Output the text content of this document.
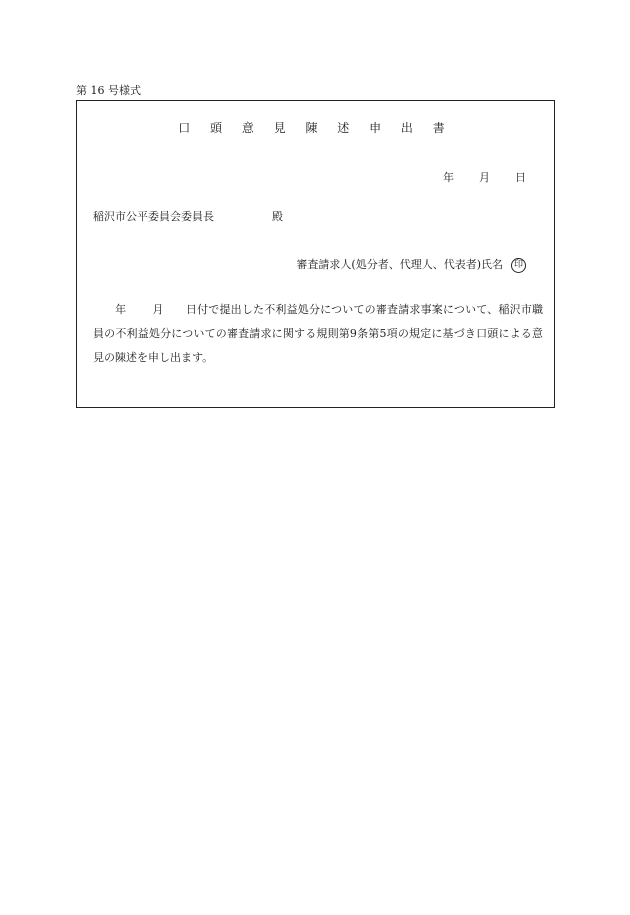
第 16 号様式
口 頭 意 見 陳 述 申 出 書
年 月 日
稲沢市公平委員会委員長	殿
審査請求人(処分者、代理人、代表者)氏名	印
年 月 日付で提出した不利益処分についての審査請求事案について、稲沢市職員の不利益処分についての審査請求に関する規則第9条第5項の規定に基づき口頭による意見の陳述を申し出ます。
